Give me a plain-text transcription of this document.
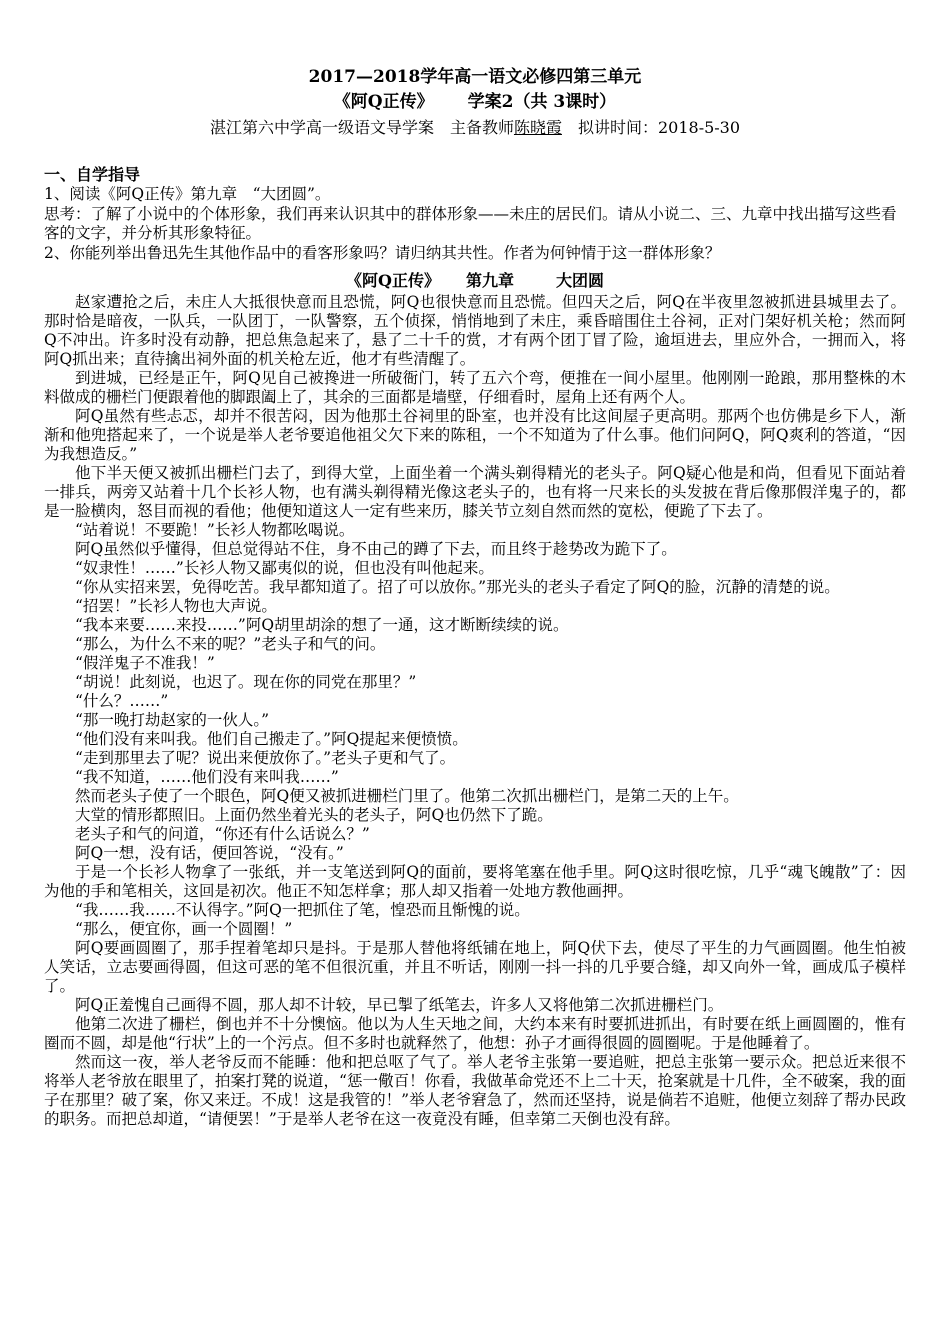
2017—2018学年高一语文必修四第三单元
《阿Q正传》 学案2（共 3课时）
湛江第六中学高一级语文导学案　主备教师陈晓霞　拟讲时间：2018-5-30
一、自学指导

1、阅读《阿Q正传》第九章　“大团圆”。

思考：了解了小说中的个体形象，我们再来认识其中的群体形象——未庄的居民们。请从小说二、三、九章中找出描写这些看客的文字，并分析其形象特征。

2、你能列举出鲁迅先生其他作品中的看客形象吗？请归纳其共性。作者为何钟情于这一群体形象？

《阿Q正传》 第九章	大团圆

赵家遭抢之后，未庄人大抵很快意而且恐慌，阿Q也很快意而且恐慌。但四天之后，阿Q在半夜里忽被抓进县城里去了。那时恰是暗夜，一队兵，一队团丁，一队警察，五个侦探，悄悄地到了未庄，乘昏暗围住土谷祠，正对门架好机关枪；然而阿Q不冲出。许多时没有动静，把总焦急起来了，悬了二十千的赏，才有两个团丁冒了险，逾垣进去，里应外合，一拥而入，将阿Q抓出来；直待擒出祠外面的机关枪左近，他才有些清醒了。

到进城，已经是正午，阿Q见自己被搀进一所破衙门，转了五六个弯，便推在一间小屋里。他刚刚一跄踉，那用整株的木料做成的栅栏门便跟着他的脚跟阖上了，其余的三面都是墙壁，仔细看时，屋角上还有两个人。

阿Q虽然有些忐忑，却并不很苦闷，因为他那土谷祠里的卧室，也并没有比这间屋子更高明。那两个也仿佛是乡下人，渐渐和他兜搭起来了，一个说是举人老爷要追他祖父欠下来的陈租，一个不知道为了什么事。他们问阿Q，阿Q爽利的答道，“因为我想造反。”

他下半天便又被抓出栅栏门去了，到得大堂，上面坐着一个满头剃得精光的老头子。阿Q疑心他是和尚，但看见下面站着一排兵，两旁又站着十几个长衫人物，也有满头剃得精光像这老头子的，也有将一尺来长的头发披在背后像那假洋鬼子的，都是一脸横肉，怒目而视的看他；他便知道这人一定有些来历，膝关节立刻自然而然的宽松，便跪了下去了。

“站着说！不要跪！”长衫人物都吆喝说。

阿Q虽然似乎懂得，但总觉得站不住，身不由己的蹲了下去，而且终于趁势改为跪下了。

“奴隶性！……”长衫人物又鄙夷似的说，但也没有叫他起来。

“你从实招来罢，免得吃苦。我早都知道了。招了可以放你。”那光头的老头子看定了阿Q的脸，沉静的清楚的说。

“招罢！”长衫人物也大声说。

“我本来要……来投……”阿Q胡里胡涂的想了一通，这才断断续续的说。

“那么，为什么不来的呢？”老头子和气的问。

“假洋鬼子不准我！”

“胡说！此刻说，也迟了。现在你的同党在那里？”

“什么？……”

“那一晚打劫赵家的一伙人。”

“他们没有来叫我。他们自己搬走了。”阿Q提起来便愤愤。

“走到那里去了呢？说出来便放你了。”老头子更和气了。

“我不知道，……他们没有来叫我……”

然而老头子使了一个眼色，阿Q便又被抓进栅栏门里了。他第二次抓出栅栏门，是第二天的上午。

大堂的情形都照旧。上面仍然坐着光头的老头子，阿Q也仍然下了跪。

老头子和气的问道，“你还有什么话说么？”

阿Q一想，没有话，便回答说，“没有。”

于是一个长衫人物拿了一张纸，并一支笔送到阿Q的面前，要将笔塞在他手里。阿Q这时很吃惊，几乎“魂飞魄散”了：因为他的手和笔相关，这回是初次。他正不知怎样拿；那人却又指着一处地方教他画押。

“我……我……不认得字。”阿Q一把抓住了笔，惶恐而且惭愧的说。

“那么，便宜你，画一个圆圈！”

阿Q要画圆圈了，那手捏着笔却只是抖。于是那人替他将纸铺在地上，阿Q伏下去，使尽了平生的力气画圆圈。他生怕被人笑话，立志要画得圆，但这可恶的笔不但很沉重，并且不听话，刚刚一抖一抖的几乎要合缝，却又向外一耸，画成瓜子模样了。

阿Q正羞愧自己画得不圆，那人却不计较，早已掣了纸笔去，许多人又将他第二次抓进栅栏门。

他第二次进了栅栏，倒也并不十分懊恼。他以为人生天地之间，大约本来有时要抓进抓出，有时要在纸上画圆圈的，惟有圈而不圆，却是他“行状”上的一个污点。但不多时也就释然了，他想：孙子才画得很圆的圆圈呢。于是他睡着了。

然而这一夜，举人老爷反而不能睡：他和把总呕了气了。举人老爷主张第一要追赃，把总主张第一要示众。把总近来很不将举人老爷放在眼里了，拍案打凳的说道，“惩一儆百！你看，我做革命党还不上二十天，抢案就是十几件，全不破案，我的面子在那里？破了案，你又来迂。不成！这是我管的！”举人老爷窘急了，然而还坚持，说是倘若不追赃，他便立刻辞了帮办民政的职务。而把总却道，“请便罢！”于是举人老爷在这一夜竟没有睡，但幸第二天倒也没有辞。
